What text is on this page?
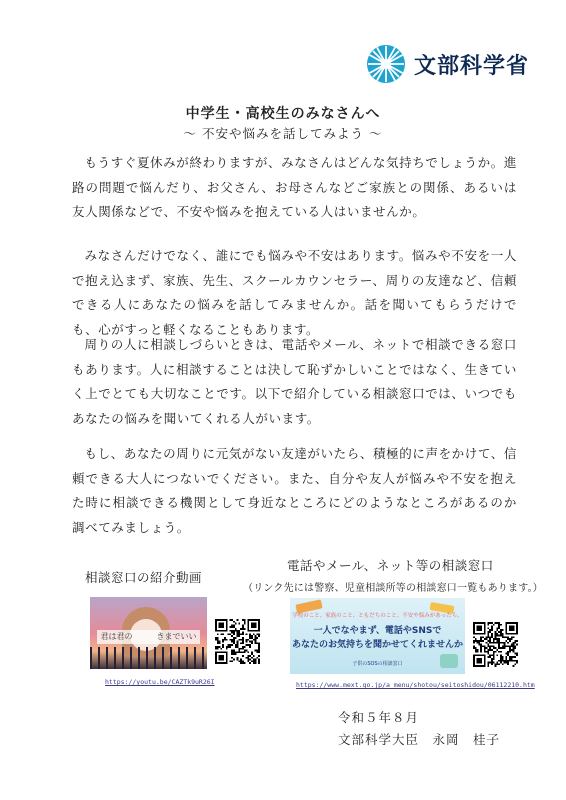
文部科学省
中学生・高校生のみなさんへ
～ 不安や悩みを話してみよう ～
もうすぐ夏休みが終わりますが、みなさんはどんな気持ちでしょうか。進路の問題で悩んだり、お父さん、お母さんなどご家族との関係、あるいは友人関係などで、不安や悩みを抱えている人はいませんか。
みなさんだけでなく、誰にでも悩みや不安はあります。悩みや不安を一人で抱え込まず、家族、先生、スクールカウンセラー、周りの友達など、信頼できる人にあなたの悩みを話してみませんか。話を聞いてもらうだけでも、心がすっと軽くなることもあります。
周りの人に相談しづらいときは、電話やメール、ネットで相談できる窓口もあります。人に相談することは決して恥ずかしいことではなく、生きていく上でとても大切なことです。以下で紹介している相談窓口では、いつでもあなたの悩みを聞いてくれる人がいます。
もし、あなたの周りに元気がない友達がいたら、積極的に声をかけて、信頼できる大人につないでください。また、自分や友人が悩みや不安を抱えた時に相談できる機関として身近なところにどのようなところがあるのか調べてみましょう。
相談窓口の紹介動画
君は君の　　　きまでいい
https://youtu.be/CAZTk9uR26I
電話やメール、ネット等の相談窓口
（リンク先には警察、児童相談所等の相談窓口一覧もあります。）
学校のこと、家族のこと、ともだちのこと、不安や悩みがあったら、
一人でなやまず、電話やSNSで
あなたのお気持ちを聞かせてくれませんか
子供のSOSの相談窓口
https://www.mext.go.jp/a_menu/shotou/seitoshidou/06112210.htm
令和５年８月
文部科学大臣　永岡　桂子
